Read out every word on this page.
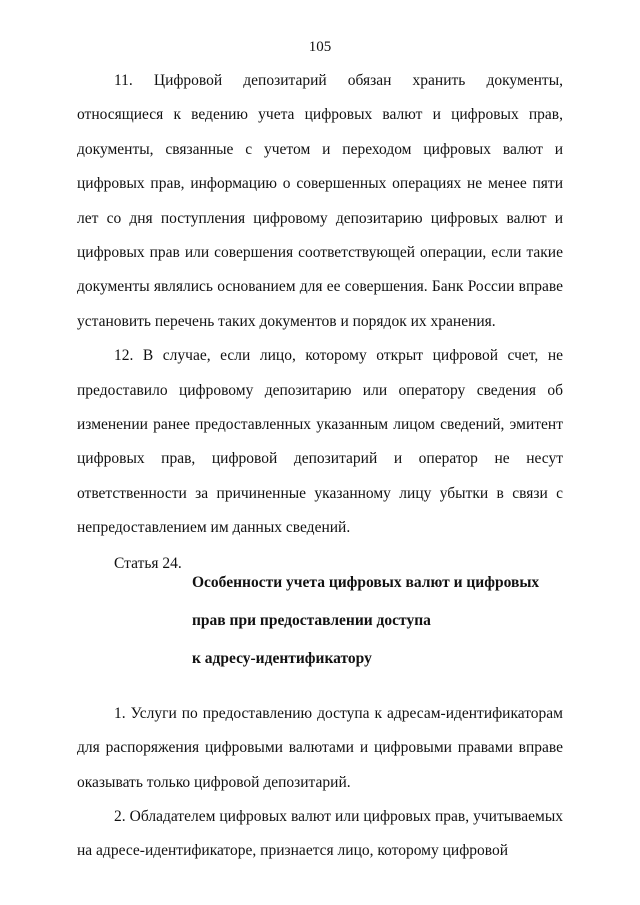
105

11. Цифровой депозитарий обязан хранить документы, относящиеся к ведению учета цифровых валют и цифровых прав, документы, связанные с учетом и переходом цифровых валют и цифровых прав, информацию о совершенных операциях не менее пяти лет со дня поступления цифровому депозитарию цифровых валют и цифровых прав или совершения соответствующей операции, если такие документы являлись основанием для ее совершения. Банк России вправе установить перечень таких документов и порядок их хранения.

12. В случае, если лицо, которому открыт цифровой счет, не предоставило цифровому депозитарию или оператору сведения об изменении ранее предоставленных указанным лицом сведений, эмитент цифровых прав, цифровой депозитарий и оператор не несут ответственности за причиненные указанному лицу убытки в связи с непредоставлением им данных сведений.

Статья 24.

Особенности учета цифровых валют и цифровых

прав при предоставлении доступа

к адресу-идентификатору

1. Услуги по предоставлению доступа к адресам-идентификаторам для распоряжения цифровыми валютами и цифровыми правами вправе оказывать только цифровой депозитарий.

2. Обладателем цифровых валют или цифровых прав, учитываемых на адресе-идентификаторе, признается лицо, которому цифровой
